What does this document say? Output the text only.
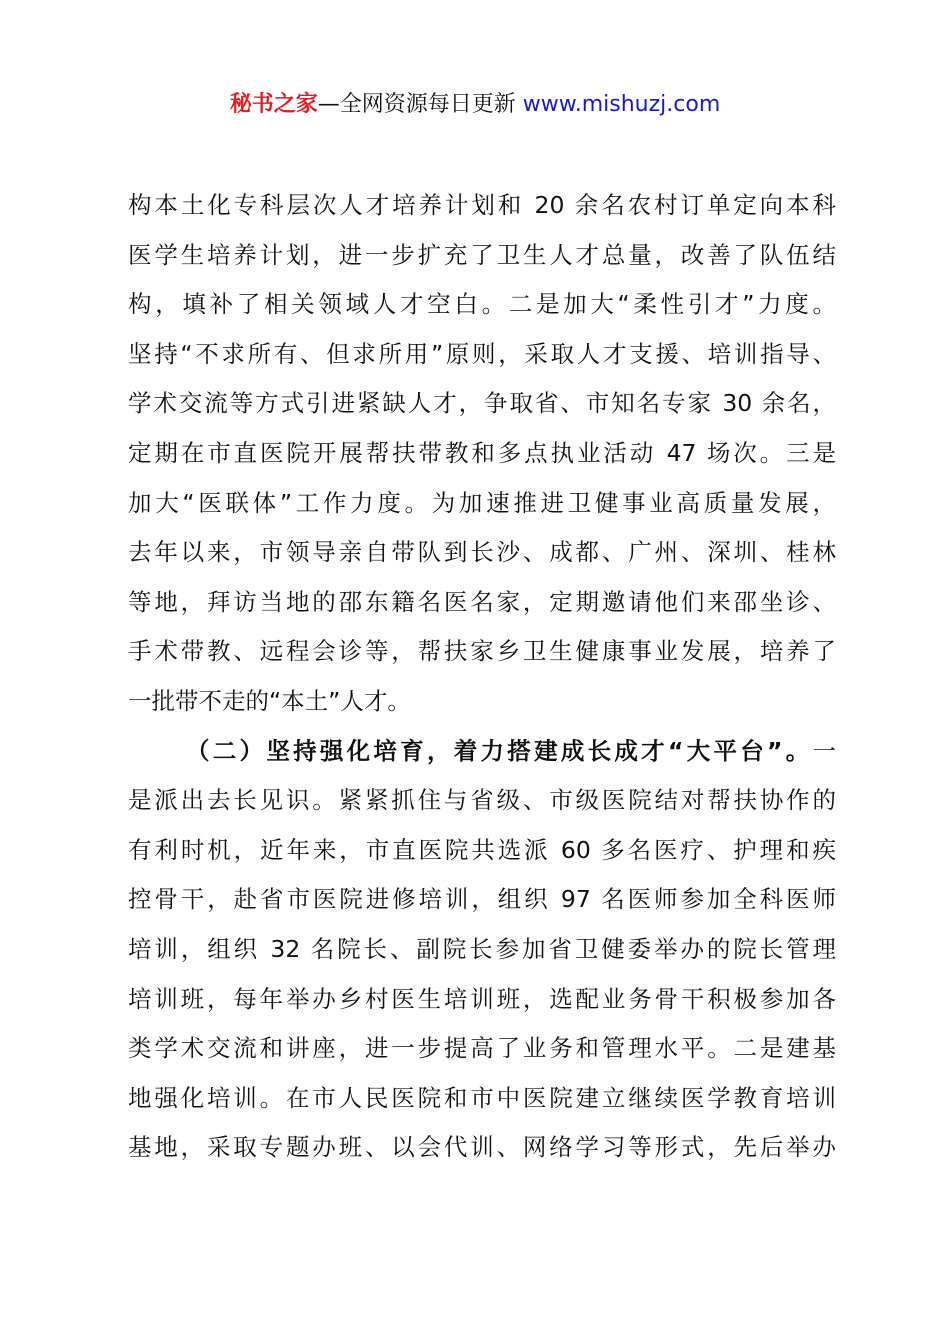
秘书之家—全网资源每日更新 www.mishuzj.com
构本土化专科层次人才培养计划和 20 余名农村订单定向本科
医学生培养计划，进一步扩充了卫生人才总量，改善了队伍结
构，填补了相关领域人才空白。二是加大“柔性引才”力度。
坚持“不求所有、但求所用”原则，采取人才支援、培训指导、
学术交流等方式引进紧缺人才，争取省、市知名专家 30 余名，
定期在市直医院开展帮扶带教和多点执业活动 47 场次。三是
加大“医联体”工作力度。为加速推进卫健事业高质量发展，
去年以来，市领导亲自带队到长沙、成都、广州、深圳、桂林
等地，拜访当地的邵东籍名医名家，定期邀请他们来邵坐诊、
手术带教、远程会诊等，帮扶家乡卫生健康事业发展，培养了
一批带不走的“本土”人才。
（二）坚持强化培育，着力搭建成长成才“大平台”。一
是派出去长见识。紧紧抓住与省级、市级医院结对帮扶协作的
有利时机，近年来，市直医院共选派 60 多名医疗、护理和疾
控骨干，赴省市医院进修培训，组织 97 名医师参加全科医师
培训，组织 32 名院长、副院长参加省卫健委举办的院长管理
培训班，每年举办乡村医生培训班，选配业务骨干积极参加各
类学术交流和讲座，进一步提高了业务和管理水平。二是建基
地强化培训。在市人民医院和市中医院建立继续医学教育培训
基地，采取专题办班、以会代训、网络学习等形式，先后举办
